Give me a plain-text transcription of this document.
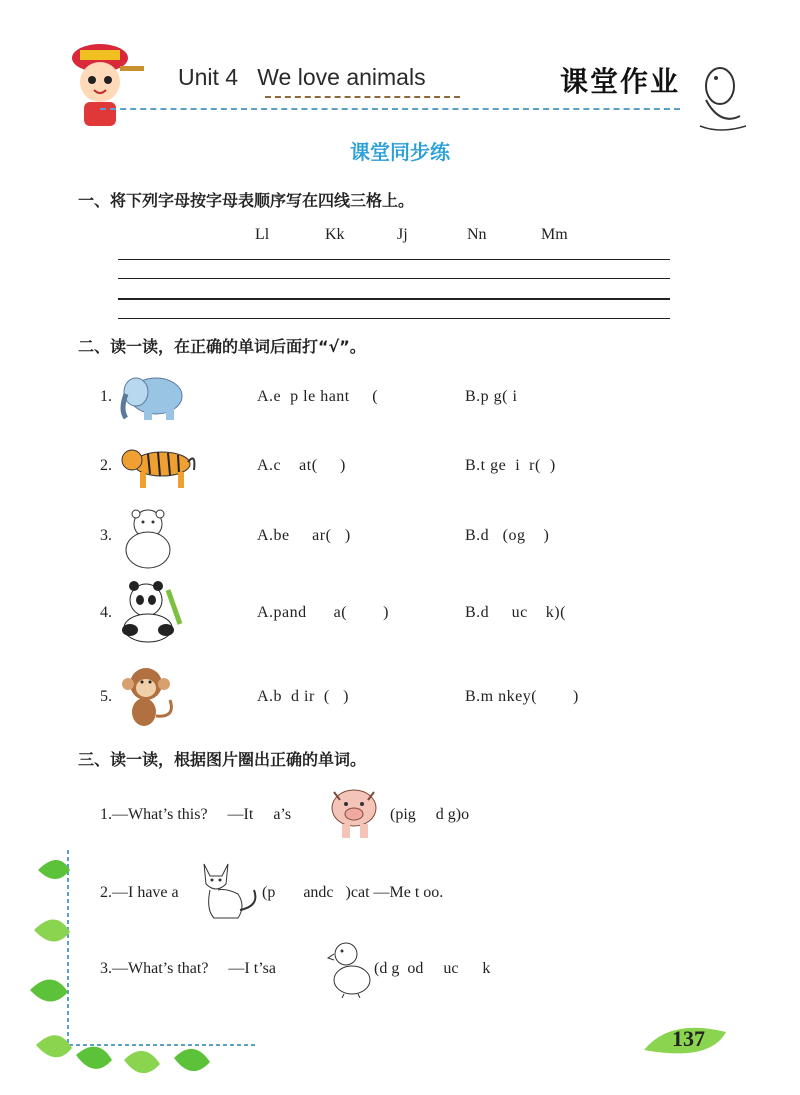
Unit 4 We love animals	课堂作业
课堂同步练
一、将下列字母按字母表顺序写在四线三格上。
Ll	Kk	Jj	Nn	Mm
二、读一读，在正确的单词后面打“√”。
1.	A.e  p le hant     (	B.p g( i
2.	A.c    at(     )	B.t ge  i  r(  )
3.	A.be     ar(   )	B.d   (og    )
4.	A.pand      a(        )	B.d     uc    k)(
5.	A.b  d ir  (   )	B.m nkey(        )
三、读一读，根据图片圈出正确的单词。
1.—What’s this?     —It     a’s	(pig     d g)o
2.—I have a	(p       andc   )cat —Me t oo.
3.—What’s that?     —I t’sa	(d g  od     uc      k
137
